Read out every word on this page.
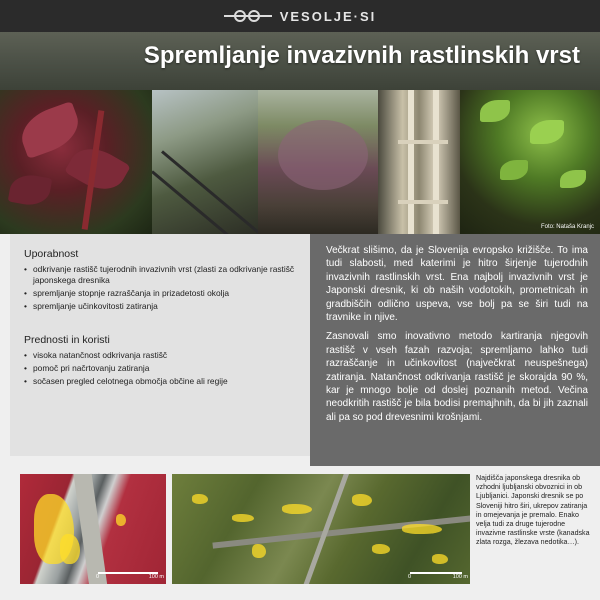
VESOLJE·SI
Spremljanje invazivnih rastlinskih vrst
Foto: Nataša Kranjc
Uporabnost
• odkrivanje rastišč tujerodnih invazivnih vrst (zlasti za odkrivanje rastišč japonskega dresnika
• spremljanje stopnje razraščanja in prizadetosti okolja
• spremljanje učinkovitosti zatiranja
Prednosti in koristi
• visoka natančnost odkrivanja rastišč
• pomoč pri načrtovanju zatiranja
• sočasen pregled celotnega območja občine ali regije

Večkrat slišimo, da je Slovenija evropsko križišče. To ima tudi slabosti, med katerimi je hitro širjenje tujerodnih invazivnih rastlinskih vrst. Ena najbolj invazivnih vrst je Japonski dresnik, ki ob naših vodotokih, prometnicah in gradbiščih odlično uspeva, vse bolj pa se širi tudi na travnike in njive.

Zasnovali smo inovativno metodo kartiranja njegovih rastišč v vseh fazah razvoja; spremljamo lahko tudi razraščanje in učinkovitost (največkrat neuspešnega) zatiranja. Natančnost odkrivanja rastišč je skorajda 90 %, kar je mnogo bolje od doslej poznanih metod. Večina neodkritih rastišč je bila bodisi premajhnih, da bi jih zaznali ali pa so pod drevesnimi krošnjami.

0	100 m	0	100 m
Najdišča japonskega dresnika ob vzhodni ljubljanski obvoznici in ob Ljubljanici. Japonski dresnik se po Sloveniji hitro širi, ukrepov zatiranja in omejevanja je premalo. Enako velja tudi za druge tujerodne invazivne rastlinske vrste (kanadska zlata rozga, žlezava nedotika…).
